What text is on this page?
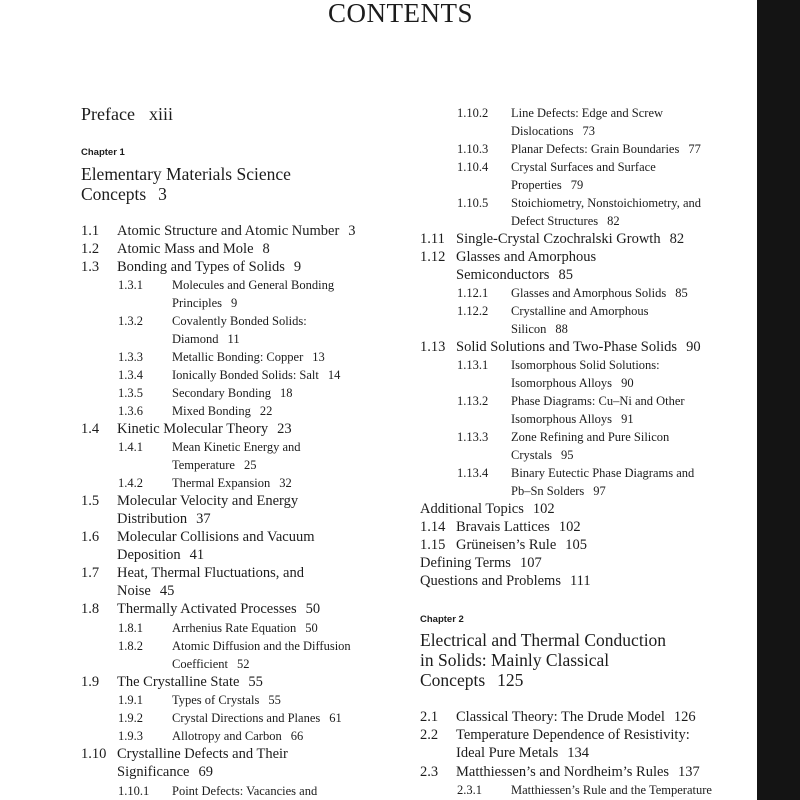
CONTENTS
Preface xiii
Chapter 1
Elementary Materials Science
Concepts 3
1.1 Atomic Structure and Atomic Number 3
1.2 Atomic Mass and Mole 8
1.3 Bonding and Types of Solids 9
1.3.1 Molecules and General Bonding
Principles 9
1.3.2 Covalently Bonded Solids:
Diamond 11
1.3.3 Metallic Bonding: Copper 13
1.3.4 Ionically Bonded Solids: Salt 14
1.3.5 Secondary Bonding 18
1.3.6 Mixed Bonding 22
1.4 Kinetic Molecular Theory 23
1.4.1 Mean Kinetic Energy and
Temperature 25
1.4.2 Thermal Expansion 32
1.5 Molecular Velocity and Energy
Distribution 37
1.6 Molecular Collisions and Vacuum
Deposition 41
1.7 Heat, Thermal Fluctuations, and
Noise 45
1.8 Thermally Activated Processes 50
1.8.1 Arrhenius Rate Equation 50
1.8.2 Atomic Diffusion and the Diffusion
Coefficient 52
1.9 The Crystalline State 55
1.9.1 Types of Crystals 55
1.9.2 Crystal Directions and Planes 61
1.9.3 Allotropy and Carbon 66
1.10 Crystalline Defects and Their
Significance 69
1.10.1 Point Defects: Vacancies and
1.10.2 Line Defects: Edge and Screw
Dislocations 73
1.10.3 Planar Defects: Grain Boundaries 77
1.10.4 Crystal Surfaces and Surface
Properties 79
1.10.5 Stoichiometry, Nonstoichiometry, and
Defect Structures 82
1.11 Single-Crystal Czochralski Growth 82
1.12 Glasses and Amorphous
Semiconductors 85
1.12.1 Glasses and Amorphous Solids 85
1.12.2 Crystalline and Amorphous
Silicon 88
1.13 Solid Solutions and Two-Phase Solids 90
1.13.1 Isomorphous Solid Solutions:
Isomorphous Alloys 90
1.13.2 Phase Diagrams: Cu–Ni and Other
Isomorphous Alloys 91
1.13.3 Zone Refining and Pure Silicon
Crystals 95
1.13.4 Binary Eutectic Phase Diagrams and
Pb–Sn Solders 97
Additional Topics 102
1.14 Bravais Lattices 102
1.15 Grüneisen’s Rule 105
Defining Terms 107
Questions and Problems 111
Chapter 2
Electrical and Thermal Conduction
in Solids: Mainly Classical
Concepts 125
2.1 Classical Theory: The Drude Model 126
2.2 Temperature Dependence of Resistivity:
Ideal Pure Metals 134
2.3 Matthiessen’s and Nordheim’s Rules 137
2.3.1 Matthiessen’s Rule and the Temperature
